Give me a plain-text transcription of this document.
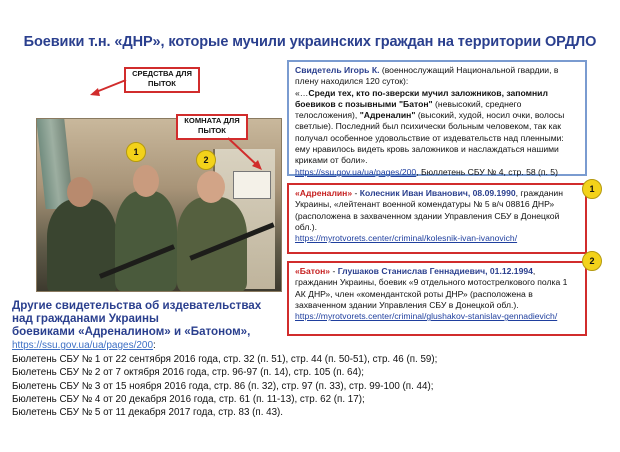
Боевики т.н. «ДНР», которые мучили украинских граждан на территории ОРДЛО
СРЕДСТВА ДЛЯ ПЫТОК
КОМНАТА ДЛЯ ПЫТОК
1
2
Свидетель Игорь К. (военнослужащий Национальной гвардии, в плену находился 120 суток):
«…Среди тех, кто по-зверски мучил заложников, запомнил боевиков с позывными "Батон" (невысокий, среднего телосложения), "Адреналин" (высокий, худой, носил очки, волосы светлые). Последний был психически больным человеком, так как получал особенное удовольствие от издевательств над пленными: ему нравилось видеть кровь заложников и наслаждаться нашими криками от боли».
https://ssu.gov.ua/ua/pages/200, Бюллетень СБУ № 4, стр. 58 (п. 5)
«Адреналин» - Колесник Иван Иванович, 08.09.1990, гражданин Украины, «лейтенант военной комендатуры № 5 в/ч 08816 ДНР» (расположена в захваченном здании Управления СБУ в Донецкой обл.).
https://myrotvorets.center/criminal/kolesnik-ivan-ivanovich/
1
«Батон» - Глушаков Станислав Геннадиевич, 01.12.1994, гражданин Украины, боевик «9 отдельного мотострелкового полка 1 АК ДНР», член «комендантской роты ДНР» (расположена в захваченном здании Управления СБУ в Донецкой обл.).
https://myrotvorets.center/criminal/glushakov-stanislav-gennadievich/
2
Другие свидетельства об издевательствах
над гражданами Украины
боевиками «Адреналином» и «Батоном»,
https://ssu.gov.ua/ua/pages/200:
Бюлетень СБУ № 1 от 22 сентября 2016 года, стр. 32 (п. 51), стр. 44 (п. 50-51), стр. 46 (п. 59);
Бюлетень СБУ № 2 от 7 октября 2016 года, стр. 96-97 (п. 14), стр. 105 (п. 64);
Бюлетень СБУ № 3 от 15 ноября 2016 года, стр. 86 (п. 32), стр. 97 (п. 33), стр. 99-100 (п. 44);
Бюлетень СБУ № 4 от 20 декабря 2016 года, стр. 61 (п. 11-13), стр. 62 (п. 17);
Бюлетень СБУ № 5 от 11 декабря 2017 года, стр. 83 (п. 43).
